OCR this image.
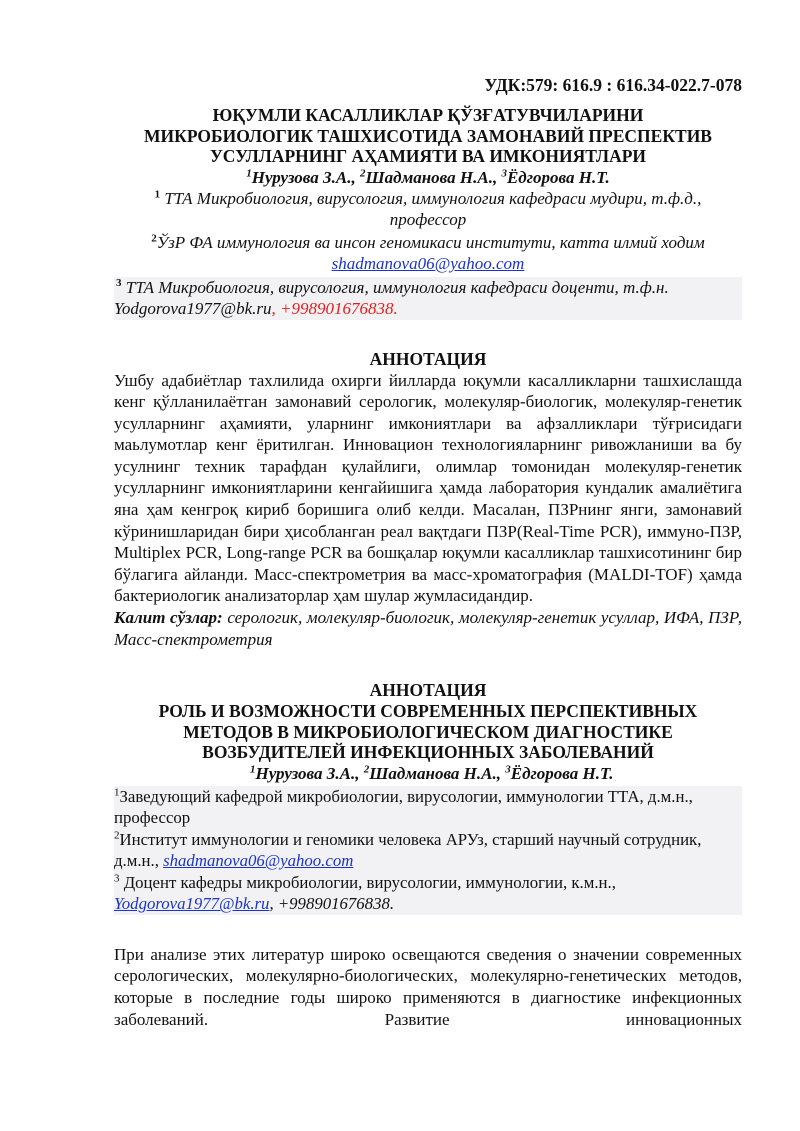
УДК:579: 616.9 : 616.34-022.7-078
ЮҚУМЛИ КАСАЛЛИКЛАР ҚЎЗҒАТУВЧИЛАРИНИ
МИКРОБИОЛОГИК ТАШХИСОТИДА ЗАМОНАВИЙ ПРЕСПЕКТИВ
УСУЛЛАРНИНГ АҲАМИЯТИ ВА ИМКОНИЯТЛАРИ
$^1$Нурузова З.А., $^2$Шадманова Н.А., $^3$Ёдгорова Н.Т.
$^1$ ТТА Микробиология, вирусология, иммунология кафедраси мудири, т.ф.д.,
профессор
$^2$ЎзР ФА иммунология ва инсон геномикаси институти, катта илмий ходим
shadmanova06@yahoo.com
$^3$ ТТА Микробиология, вирусология, иммунология кафедраси доценти, т.ф.н.
Yodgorova1977@bk.ru, +998901676838.
АННОТАЦИЯ

Ушбу адабиётлар тахлилида охирги йилларда юқумли касалликларни ташхислашда кенг қўлланилаётган замонавий серологик, молекуляр-биологик, молекуляр-генетик усулларнинг аҳамияти, уларнинг имкониятлари ва афзалликлари тўғрисидаги маьлумотлар кенг ёритилган. Инновацион технологияларнинг ривожланиши ва бу усулнинг техник тарафдан қулайлиги, олимлар томонидан молекуляр-генетик усулларнинг имкониятларини кенгайишига ҳамда лаборатория кундалик амалиётига яна ҳам кенгроқ кириб боришига олиб келди. Масалан, ПЗРнинг янги, замонавий кўринишларидан бири ҳисобланган реал вақтдаги ПЗР(Real-Time PCR), иммуно-ПЗР, Multiplex PCR, Long-range PCR ва бошқалар юқумли касалликлар ташхисотининг бир бўлагига айланди. Масс-спектрометрия ва масс-хроматография (MALDI-TOF) ҳамда бактериологик анализаторлар ҳам шулар жумласидандир.

Калит сўзлар: серологик, молекуляр-биологик, молекуляр-генетик усуллар, ИФА, ПЗР, Масс-спектрометрия

АННОТАЦИЯ
РОЛЬ И ВОЗМОЖНОСТИ СОВРЕМЕННЫХ ПЕРСПЕКТИВНЫХ
МЕТОДОВ В МИКРОБИОЛОГИЧЕСКОМ ДИАГНОСТИКЕ
ВОЗБУДИТЕЛЕЙ ИНФЕКЦИОННЫХ ЗАБОЛЕВАНИЙ
$^1$Нурузова З.А., $^2$Шадманова Н.А., $^3$Ёдгорова Н.Т.

$^1$Заведующий кафедрой микробиологии, вирусологии, иммунологии ТТА, д.м.н., профессор

$^2$Институт иммунологии и геномики человека АРУз, старший научный сотрудник, д.м.н., shadmanova06@yahoo.com

$^3$ Доцент кафедры микробиологии, вирусологии, иммунологии, к.м.н.,
Yodgorova1977@bk.ru, +998901676838.

При анализе этих литератур широко освещаются сведения о значении современных серологических, молекулярно-биологических, молекулярно-генетических методов, которые в последние годы широко применяются в диагностике инфекционных заболеваний. Развитие инновационных
